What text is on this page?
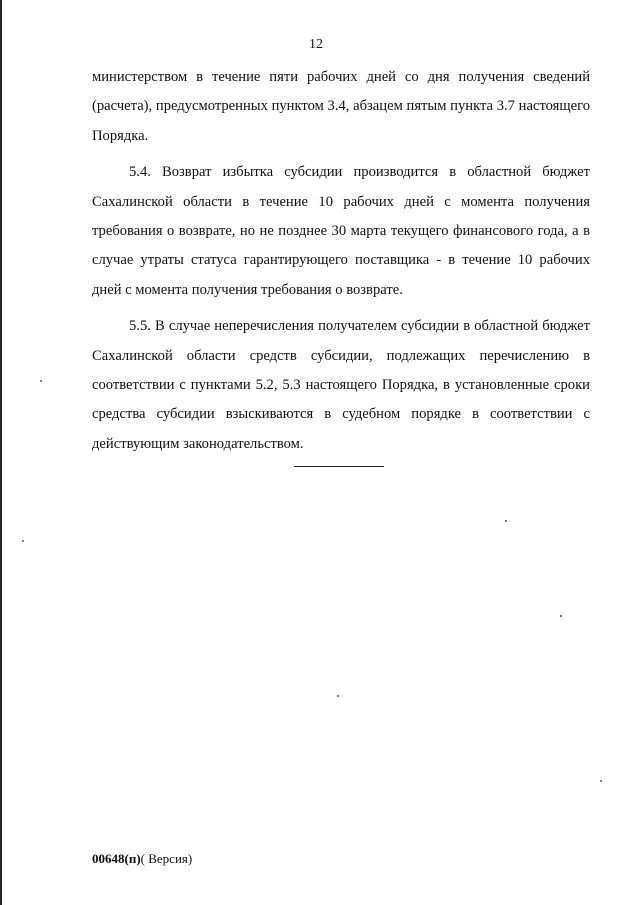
12

министерством в течение пяти рабочих дней со дня получения сведений (расчета), предусмотренных пунктом 3.4, абзацем пятым пункта 3.7 настоящего Порядка.

5.4. Возврат избытка субсидии производится в областной бюджет Сахалинской области в течение 10 рабочих дней с момента получения требования о возврате, но не позднее 30 марта текущего финансового года, а в случае утраты статуса гарантирующего поставщика - в течение 10 рабочих дней с момента получения требования о возврате.

5.5. В случае неперечисления получателем субсидии в областной бюджет Сахалинской области средств субсидии, подлежащих перечислению в соответствии с пунктами 5.2, 5.3 настоящего Порядка, в установленные сроки средства субсидии взыскиваются в судебном порядке в соответствии с действующим законодательством.

00648(п)( Версия)
